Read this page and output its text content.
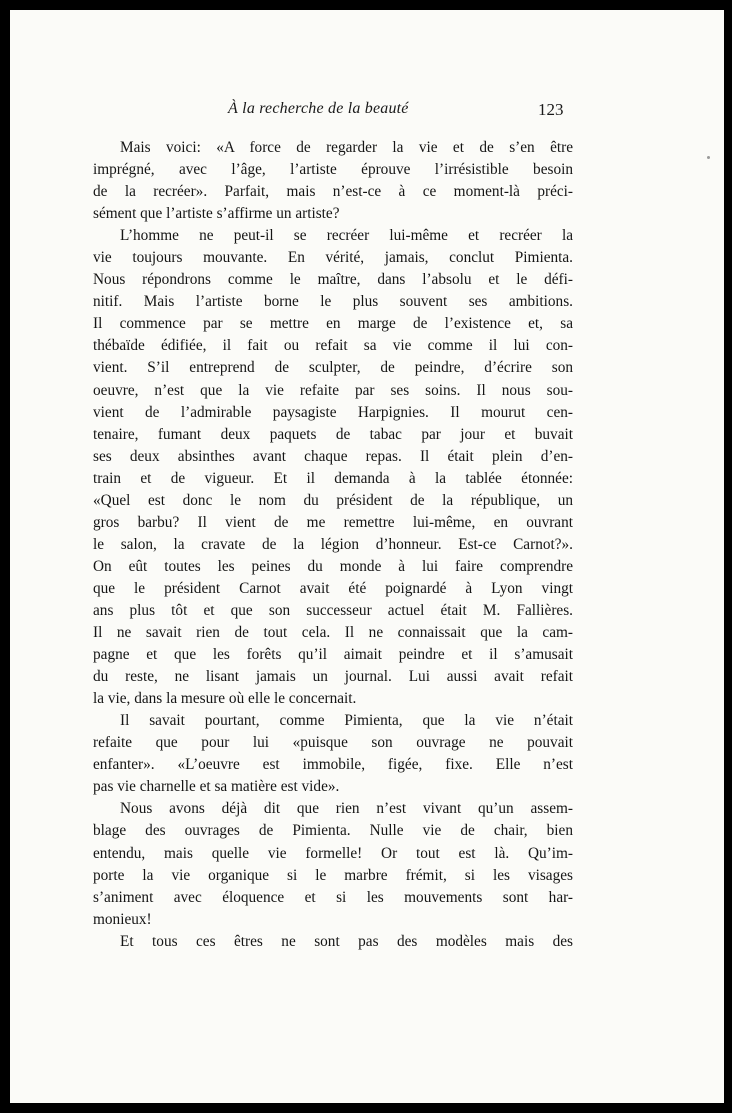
À la recherche de la beauté	123
Mais voici: «A force de regarder la vie et de s’en être
imprégné, avec l’âge, l’artiste éprouve l’irrésistible besoin
de la recréer». Parfait, mais n’est-ce à ce moment-là préci-
sément que l’artiste s’affirme un artiste?
L’homme ne peut-il se recréer lui-même et recréer la
vie toujours mouvante. En vérité, jamais, conclut Pimienta.
Nous répondrons comme le maître, dans l’absolu et le défi-
nitif. Mais l’artiste borne le plus souvent ses ambitions.
Il commence par se mettre en marge de l’existence et, sa
thébaïde édifiée, il fait ou refait sa vie comme il lui con-
vient. S’il entreprend de sculpter, de peindre, d’écrire son
oeuvre, n’est que la vie refaite par ses soins. Il nous sou-
vient de l’admirable paysagiste Harpignies. Il mourut cen-
tenaire, fumant deux paquets de tabac par jour et buvait
ses deux absinthes avant chaque repas. Il était plein d’en-
train et de vigueur. Et il demanda à la tablée étonnée:
«Quel est donc le nom du président de la république, un
gros barbu? Il vient de me remettre lui-même, en ouvrant
le salon, la cravate de la légion d’honneur. Est-ce Carnot?».
On eût toutes les peines du monde à lui faire comprendre
que le président Carnot avait été poignardé à Lyon vingt
ans plus tôt et que son successeur actuel était M. Fallières.
Il ne savait rien de tout cela. Il ne connaissait que la cam-
pagne et que les forêts qu’il aimait peindre et il s’amusait
du reste, ne lisant jamais un journal. Lui aussi avait refait
la vie, dans la mesure où elle le concernait.
Il savait pourtant, comme Pimienta, que la vie n’était
refaite que pour lui «puisque son ouvrage ne pouvait
enfanter». «L’oeuvre est immobile, figée, fixe. Elle n’est
pas vie charnelle et sa matière est vide».
Nous avons déjà dit que rien n’est vivant qu’un assem-
blage des ouvrages de Pimienta. Nulle vie de chair, bien
entendu, mais quelle vie formelle! Or tout est là. Qu’im-
porte la vie organique si le marbre frémit, si les visages
s’animent avec éloquence et si les mouvements sont har-
monieux!
Et tous ces êtres ne sont pas des modèles mais des
